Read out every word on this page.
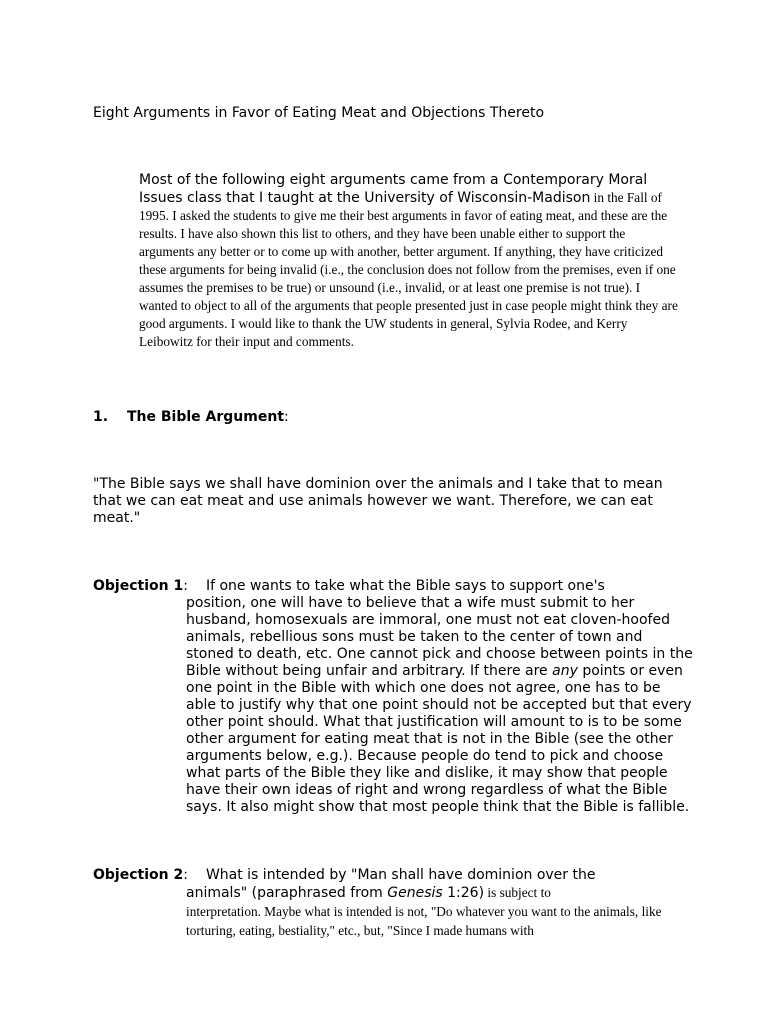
Eight Arguments in Favor of Eating Meat and Objections Thereto
Most of the following eight arguments came from a Contemporary Moral Issues class that I taught at the University of Wisconsin-Madison in the Fall of 1995. I asked the students to give me their best arguments in favor of eating meat, and these are the results. I have also shown this list to others, and they have been unable either to support the arguments any better or to come up with another, better argument. If anything, they have criticized these arguments for being invalid (i.e., the conclusion does not follow from the premises, even if one assumes the premises to be true) or unsound (i.e., invalid, or at least one premise is not true). I wanted to object to all of the arguments that people presented just in case people might think they are good arguments. I would like to thank the UW students in general, Sylvia Rodee, and Kerry Leibowitz for their input and comments.
1. The Bible Argument:
"The Bible says we shall have dominion over the animals and I take that to mean that we can eat meat and use animals however we want. Therefore, we can eat meat."
Objection 1: If one wants to take what the Bible says to support one's
position, one will have to believe that a wife must submit to her husband, homosexuals are immoral, one must not eat cloven-hoofed animals, rebellious sons must be taken to the center of town and stoned to death, etc. One cannot pick and choose between points in the Bible without being unfair and arbitrary. If there are any points or even one point in the Bible with which one does not agree, one has to be able to justify why that one point should not be accepted but that every other point should. What that justification will amount to is to be some other argument for eating meat that is not in the Bible (see the other arguments below, e.g.). Because people do tend to pick and choose what parts of the Bible they like and dislike, it may show that people have their own ideas of right and wrong regardless of what the Bible says. It also might show that most people think that the Bible is fallible.
Objection 2: What is intended by "Man shall have dominion over the
animals" (paraphrased from Genesis 1:26) is subject to
interpretation. Maybe what is intended is not, "Do whatever you want to the animals, like torturing, eating, bestiality," etc., but, "Since I made humans with
